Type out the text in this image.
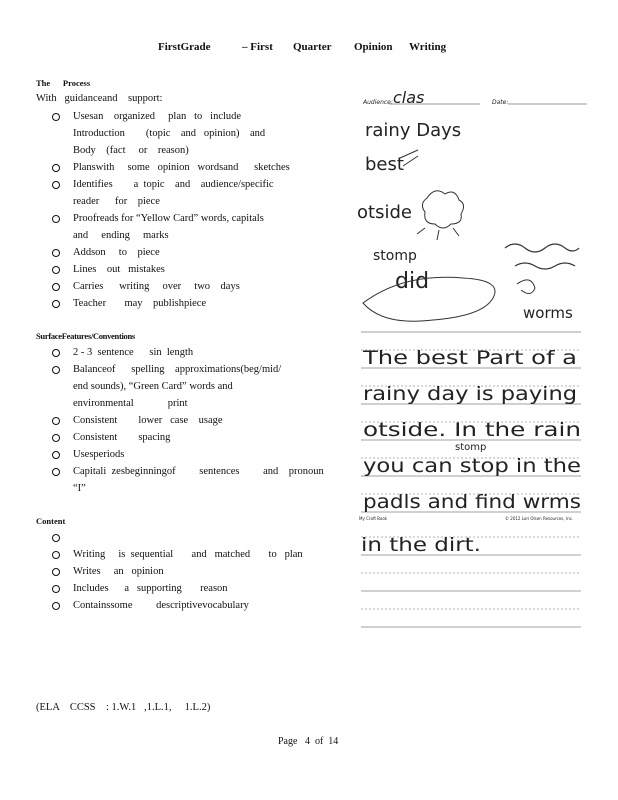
FirstGrade	– First Quarter Opinion Writing
The      Process
With   guidanceand    support:
Usesan    organized     plan   to   include
Introduction        (topic    and   opinion)    and
Body    (fact     or    reason)
Planswith     some   opinion   wordsand      sketches
Identifies        a  topic    and    audience/specific
reader      for    piece
Proofreads for “Yellow Card” words, capitals
and     ending     marks
Addson     to    piece
Lines    out   mistakes
Carries      writing     over     two    days
Teacher       may    publishpiece
SurfaceFeatures/Conventions
2 - 3  sentence      sin  length
Balanceof      spelling    approximations(beg/mid/
end sounds), “Green Card” words and
environmental             print
Consistent        lower   case    usage
Consistent        spacing
Usesperiods
Capitali  zesbeginningof         sentences         and    pronoun
“I”
Content
Writing     is  sequential       and   matched       to   plan
Writes     an   opinion
Includes      a   supporting       reason
Containssome         descriptivevocabulary
(ELA    CCSS    : 1.W.1   ,1.L.1,     1.L.2)
Page   4  of  14
Audience: clas	Date:
rainy Days
best
otside
stomp
did
worms
The best Part of a
rainy day is paying
otside. In the rain
stomp
you can stop in the
padls and find wrms
My Craft Book	© 2012 Lori Olsen Resources, Inc.
in the dirt.
